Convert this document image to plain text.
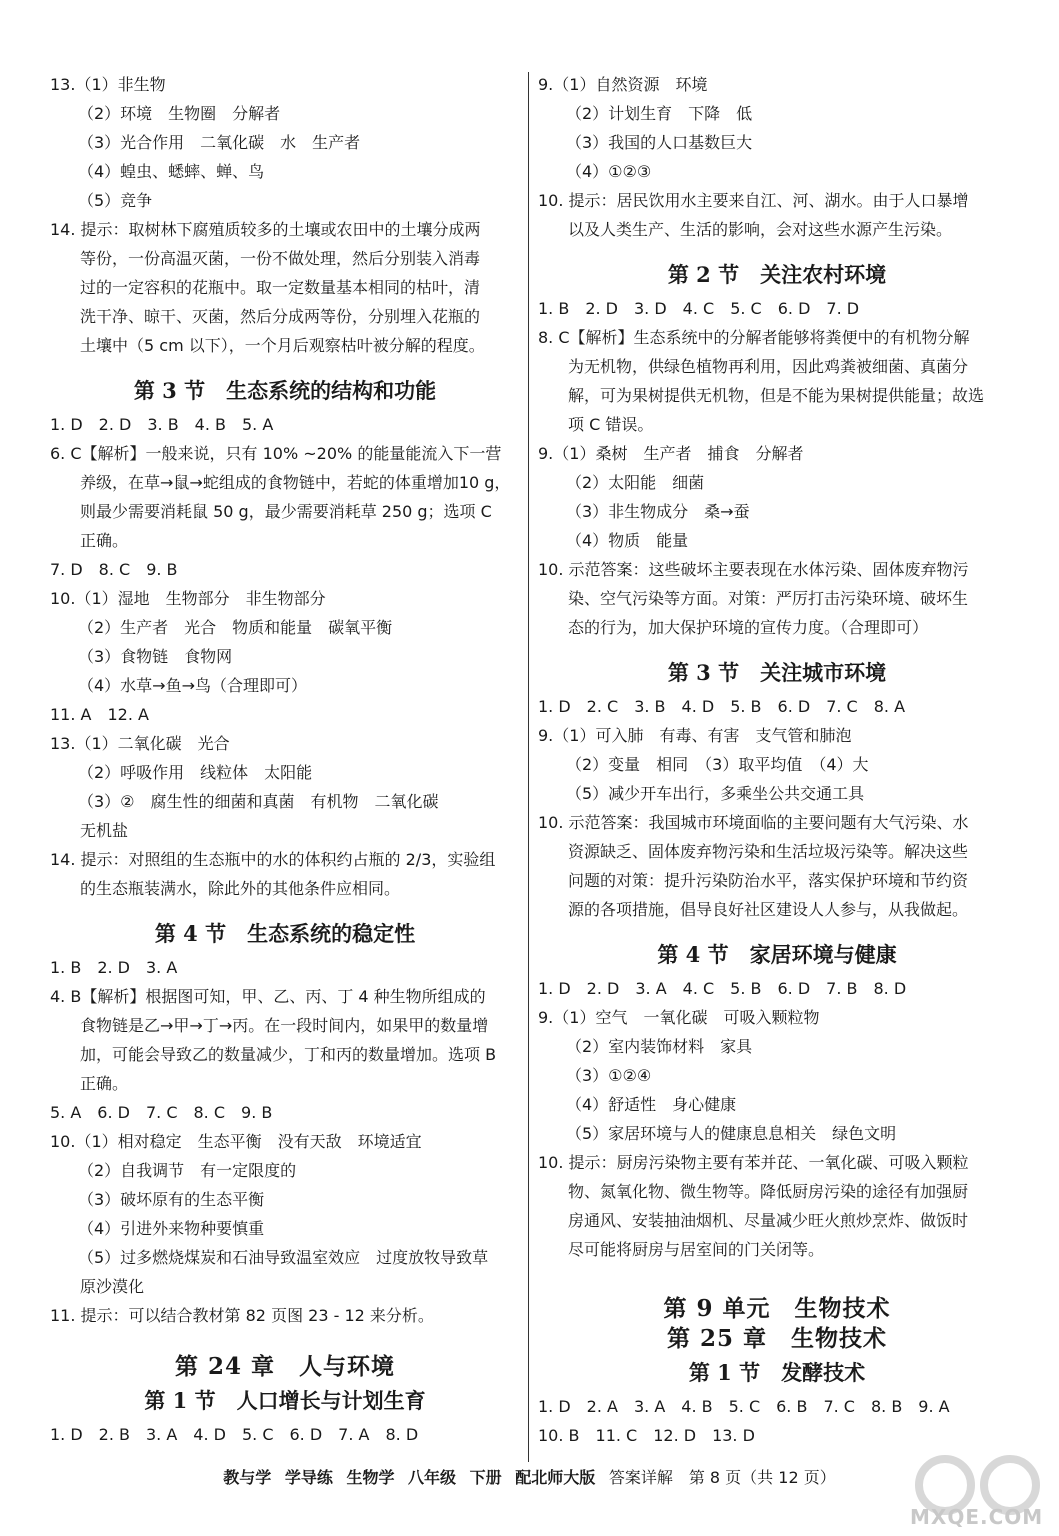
13.（1）非生物
（2）环境　生物圈　分解者
（3）光合作用　二氧化碳　水　生产者
（4）蝗虫、蟋蟀、蝉、鸟
（5）竞争
14. 提示：取树林下腐殖质较多的土壤或农田中的土壤分成两
等份，一份高温灭菌，一份不做处理，然后分别装入消毒
过的一定容积的花瓶中。取一定数量基本相同的枯叶，清
洗干净、晾干、灭菌，然后分成两等份，分别埋入花瓶的
土壤中（5 cm 以下），一个月后观察枯叶被分解的程度。
第 3 节　生态系统的结构和功能
1. D　2. D　3. B　4. B　5. A
6. C【解析】一般来说，只有 10% ~20% 的能量能流入下一营
养级，在草→鼠→蛇组成的食物链中，若蛇的体重增加10 g，
则最少需要消耗鼠 50 g，最少需要消耗草 250 g；选项 C
正确。
7. D　8. C　9. B
10.（1）湿地　生物部分　非生物部分
（2）生产者　光合　物质和能量　碳氧平衡
（3）食物链　食物网
（4）水草→鱼→鸟（合理即可）
11. A　12. A
13.（1）二氧化碳　光合
（2）呼吸作用　线粒体　太阳能
（3）②　腐生性的细菌和真菌　有机物　二氧化碳
无机盐
14. 提示：对照组的生态瓶中的水的体积约占瓶的 2/3，实验组
的生态瓶装满水，除此外的其他条件应相同。
第 4 节　生态系统的稳定性
1. B　2. D　3. A
4. B【解析】根据图可知，甲、乙、丙、丁 4 种生物所组成的
食物链是乙→甲→丁→丙。在一段时间内，如果甲的数量增
加，可能会导致乙的数量减少，丁和丙的数量增加。选项 B
正确。
5. A　6. D　7. C　8. C　9. B
10.（1）相对稳定　生态平衡　没有天敌　环境适宜
（2）自我调节　有一定限度的
（3）破坏原有的生态平衡
（4）引进外来物种要慎重
（5）过多燃烧煤炭和石油导致温室效应　过度放牧导致草
原沙漠化
11. 提示：可以结合教材第 82 页图 23 - 12 来分析。
第 24 章　人与环境
第 1 节　人口增长与计划生育
1. D　2. B　3. A　4. D　5. C　6. D　7. A　8. D
9.（1）自然资源　环境
（2）计划生育　下降　低
（3）我国的人口基数巨大
（4）①②③
10. 提示：居民饮用水主要来自江、河、湖水。由于人口暴增
以及人类生产、生活的影响，会对这些水源产生污染。
第 2 节　关注农村环境
1. B　2. D　3. D　4. C　5. C　6. D　7. D
8. C【解析】生态系统中的分解者能够将粪便中的有机物分解
为无机物，供绿色植物再利用，因此鸡粪被细菌、真菌分
解，可为果树提供无机物，但是不能为果树提供能量；故选
项 C 错误。
9.（1）桑树　生产者　捕食　分解者
（2）太阳能　细菌
（3）非生物成分　桑→蚕
（4）物质　能量
10. 示范答案：这些破坏主要表现在水体污染、固体废弃物污
染、空气污染等方面。对策：严厉打击污染环境、破坏生
态的行为，加大保护环境的宣传力度。（合理即可）
第 3 节　关注城市环境
1. D　2. C　3. B　4. D　5. B　6. D　7. C　8. A
9.（1）可入肺　有毒、有害　支气管和肺泡
（2）变量　相同　（3）取平均值　（4）大
（5）减少开车出行，多乘坐公共交通工具
10. 示范答案：我国城市环境面临的主要问题有大气污染、水
资源缺乏、固体废弃物污染和生活垃圾污染等。解决这些
问题的对策：提升污染防治水平，落实保护环境和节约资
源的各项措施，倡导良好社区建设人人参与，从我做起。
第 4 节　家居环境与健康
1. D　2. D　3. A　4. C　5. B　6. D　7. B　8. D
9.（1）空气　一氧化碳　可吸入颗粒物
（2）室内装饰材料　家具
（3）①②④
（4）舒适性　身心健康
（5）家居环境与人的健康息息相关　绿色文明
10. 提示：厨房污染物主要有苯并芘、一氧化碳、可吸入颗粒
物、氮氧化物、微生物等。降低厨房污染的途径有加强厨
房通风、安装抽油烟机、尽量减少旺火煎炒烹炸、做饭时
尽可能将厨房与居室间的门关闭等。
第 9 单元　生物技术
第 25 章　生物技术
第 1 节　发酵技术
1. D　2. A　3. A　4. B　5. C　6. B　7. C　8. B　9. A
10. B　11. C　12. D　13. D
教与学 学导练 生物学 八年级 下册 配北师大版 答案详解　第 8 页（共 12 页）
MXQE.COM
